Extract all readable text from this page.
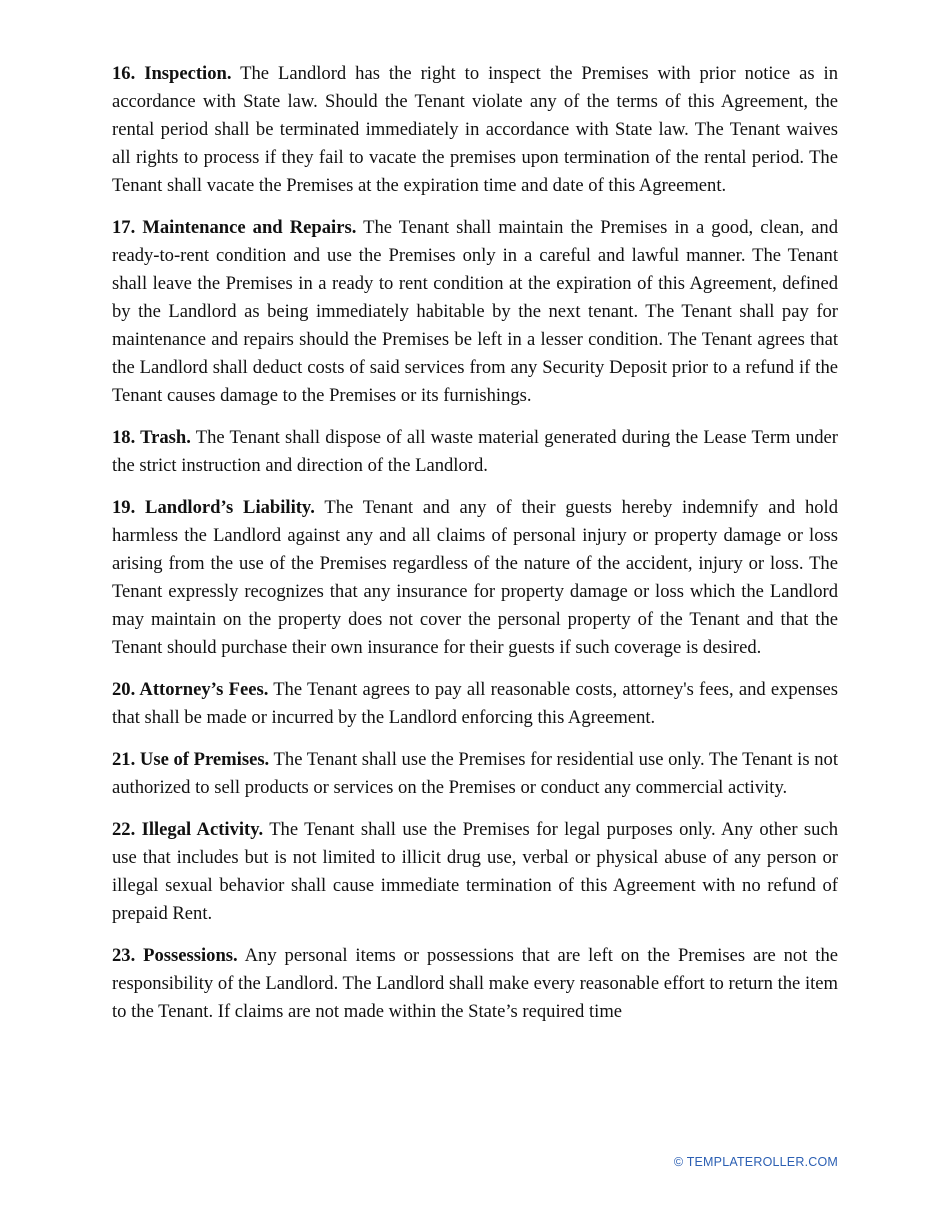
16. Inspection. The Landlord has the right to inspect the Premises with prior notice as in accordance with State law. Should the Tenant violate any of the terms of this Agreement, the rental period shall be terminated immediately in accordance with State law. The Tenant waives all rights to process if they fail to vacate the premises upon termination of the rental period. The Tenant shall vacate the Premises at the expiration time and date of this Agreement.

17. Maintenance and Repairs. The Tenant shall maintain the Premises in a good, clean, and ready-to-rent condition and use the Premises only in a careful and lawful manner. The Tenant shall leave the Premises in a ready to rent condition at the expiration of this Agreement, defined by the Landlord as being immediately habitable by the next tenant. The Tenant shall pay for maintenance and repairs should the Premises be left in a lesser condition. The Tenant agrees that the Landlord shall deduct costs of said services from any Security Deposit prior to a refund if the Tenant causes damage to the Premises or its furnishings.

18. Trash. The Tenant shall dispose of all waste material generated during the Lease Term under the strict instruction and direction of the Landlord.

19. Landlord’s Liability. The Tenant and any of their guests hereby indemnify and hold harmless the Landlord against any and all claims of personal injury or property damage or loss arising from the use of the Premises regardless of the nature of the accident, injury or loss. The Tenant expressly recognizes that any insurance for property damage or loss which the Landlord may maintain on the property does not cover the personal property of the Tenant and that the Tenant should purchase their own insurance for their guests if such coverage is desired.

20. Attorney’s Fees. The Tenant agrees to pay all reasonable costs, attorney's fees, and expenses that shall be made or incurred by the Landlord enforcing this Agreement.

21. Use of Premises. The Tenant shall use the Premises for residential use only. The Tenant is not authorized to sell products or services on the Premises or conduct any commercial activity.

22. Illegal Activity. The Tenant shall use the Premises for legal purposes only. Any other such use that includes but is not limited to illicit drug use, verbal or physical abuse of any person or illegal sexual behavior shall cause immediate termination of this Agreement with no refund of prepaid Rent.

23. Possessions. Any personal items or possessions that are left on the Premises are not the responsibility of the Landlord. The Landlord shall make every reasonable effort to return the item to the Tenant. If claims are not made within the State’s required time

© TEMPLATEROLLER.COM
